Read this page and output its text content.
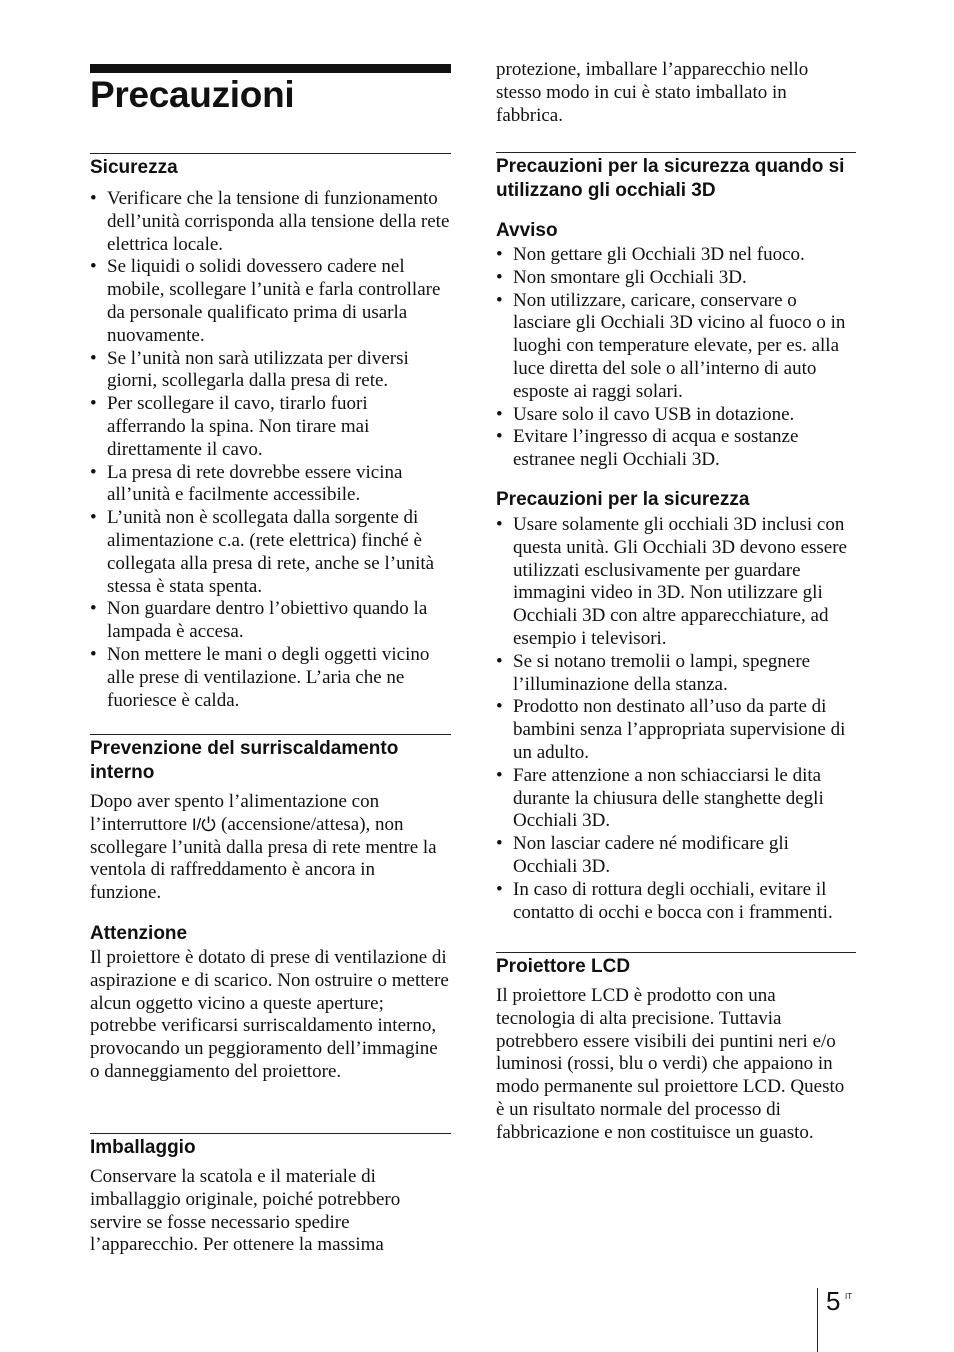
Precauzioni
Sicurezza
• Verificare che la tensione di funzionamento dell’unità corrisponda alla tensione della rete elettrica locale.
• Se liquidi o solidi dovessero cadere nel mobile, scollegare l’unità e farla controllare da personale qualificato prima di usarla nuovamente.
• Se l’unità non sarà utilizzata per diversi giorni, scollegarla dalla presa di rete.
• Per scollegare il cavo, tirarlo fuori afferrando la spina. Non tirare mai direttamente il cavo.
• La presa di rete dovrebbe essere vicina all’unità e facilmente accessibile.
• L’unità non è scollegata dalla sorgente di alimentazione c.a. (rete elettrica) finché è collegata alla presa di rete, anche se l’unità stessa è stata spenta.
• Non guardare dentro l’obiettivo quando la lampada è accesa.
• Non mettere le mani o degli oggetti vicino alle prese di ventilazione. L’aria che ne fuoriesce è calda.
Prevenzione del surriscaldamento interno

Dopo aver spento l’alimentazione con l’interruttore I/ (accensione/attesa), non scollegare l’unità dalla presa di rete mentre la ventola di raffreddamento è ancora in funzione.

Attenzione

Il proiettore è dotato di prese di ventilazione di aspirazione e di scarico. Non ostruire o mettere alcun oggetto vicino a queste aperture; potrebbe verificarsi surriscaldamento interno, provocando un peggioramento dell’immagine o danneggiamento del proiettore.

Imballaggio

Conservare la scatola e il materiale di imballaggio originale, poiché potrebbero servire se fosse necessario spedire l’apparecchio. Per ottenere la massima

protezione, imballare l’apparecchio nello stesso modo in cui è stato imballato in fabbrica.

Precauzioni per la sicurezza quando si utilizzano gli occhiali 3D
Avviso
• Non gettare gli Occhiali 3D nel fuoco.
• Non smontare gli Occhiali 3D.
• Non utilizzare, caricare, conservare o lasciare gli Occhiali 3D vicino al fuoco o in luoghi con temperature elevate, per es. alla luce diretta del sole o all’interno di auto esposte ai raggi solari.
• Usare solo il cavo USB in dotazione.
• Evitare l’ingresso di acqua e sostanze estranee negli Occhiali 3D.
Precauzioni per la sicurezza
• Usare solamente gli occhiali 3D inclusi con questa unità. Gli Occhiali 3D devono essere utilizzati esclusivamente per guardare immagini video in 3D. Non utilizzare gli Occhiali 3D con altre apparecchiature, ad esempio i televisori.
• Se si notano tremolii o lampi, spegnere l’illuminazione della stanza.
• Prodotto non destinato all’uso da parte di bambini senza l’appropriata supervisione di un adulto.
• Fare attenzione a non schiacciarsi le dita durante la chiusura delle stanghette degli Occhiali 3D.
• Non lasciar cadere né modificare gli Occhiali 3D.
• In caso di rottura degli occhiali, evitare il contatto di occhi e bocca con i frammenti.
Proiettore LCD

Il proiettore LCD è prodotto con una tecnologia di alta precisione. Tuttavia potrebbero essere visibili dei puntini neri e/o luminosi (rossi, blu o verdi) che appaiono in modo permanente sul proiettore LCD. Questo è un risultato normale del processo di fabbricazione e non costituisce un guasto.

5 IT
